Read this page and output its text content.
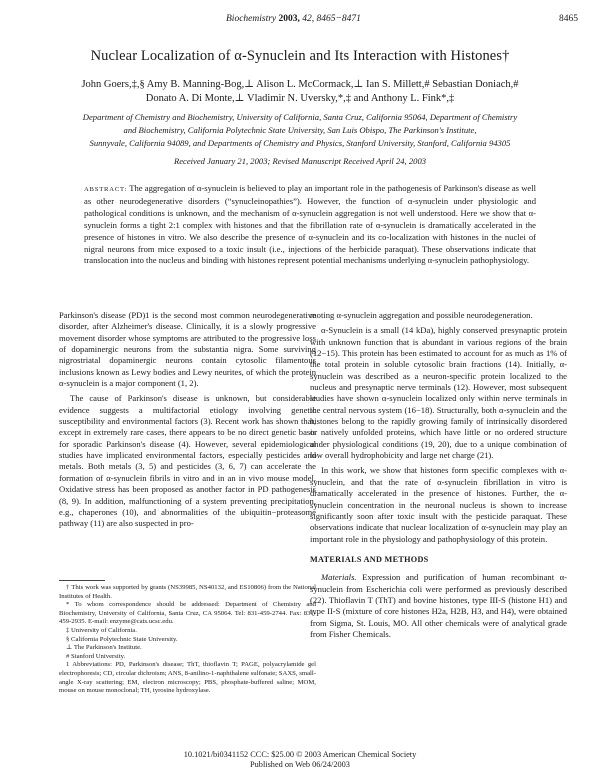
Biochemistry 2003, 42, 8465−8471	8465
Nuclear Localization of α-Synuclein and Its Interaction with Histones†
John Goers,‡,§ Amy B. Manning-Bog,⊥ Alison L. McCormack,⊥ Ian S. Millett,# Sebastian Doniach,#
Donato A. Di Monte,⊥ Vladimir N. Uversky,*,‡ and Anthony L. Fink*,‡
Department of Chemistry and Biochemistry, University of California, Santa Cruz, California 95064, Department of Chemistry
and Biochemistry, California Polytechnic State University, San Luis Obispo, The Parkinson's Institute,
Sunnyvale, California 94089, and Departments of Chemistry and Physics, Stanford University, Stanford, California 94305
Received January 21, 2003; Revised Manuscript Received April 24, 2003
ABSTRACT: The aggregation of α-synuclein is believed to play an important role in the pathogenesis of Parkinson's disease as well as other neurodegenerative disorders (“synucleinopathies”). However, the function of α-synuclein under physiologic and pathological conditions is unknown, and the mechanism of α-synuclein aggregation is not well understood. Here we show that α-synuclein forms a tight 2:1 complex with histones and that the fibrillation rate of α-synuclein is dramatically accelerated in the presence of histones in vitro. We also describe the presence of α-synuclein and its co-localization with histones in the nuclei of nigral neurons from mice exposed to a toxic insult (i.e., injections of the herbicide paraquat). These observations indicate that translocation into the nucleus and binding with histones represent potential mechanisms underlying α-synuclein pathophysiology.

Parkinson's disease (PD)1 is the second most common neurodegenerative disorder, after Alzheimer's disease. Clinically, it is a slowly progressive movement disorder whose symptoms are attributed to the progressive loss of dopaminergic neurons from the substantia nigra. Some surviving nigrostriatal dopaminergic neurons contain cytosolic filamentous inclusions known as Lewy bodies and Lewy neurites, of which the protein α-synuclein is a major component (1, 2).

The cause of Parkinson's disease is unknown, but considerable evidence suggests a multifactorial etiology involving genetic susceptibility and environmental factors (3). Recent work has shown that, except in extremely rare cases, there appears to be no direct genetic basis for sporadic Parkinson's disease (4). However, several epidemiological studies have implicated environmental factors, especially pesticides and metals. Both metals (3, 5) and pesticides (3, 6, 7) can accelerate the formation of α-synuclein fibrils in vitro and in an in vivo mouse model. Oxidative stress has been proposed as another factor in PD pathogenesis (8, 9). In addition, malfunctioning of a system preventing precipitation, e.g., chaperones (10), and abnormalities of the ubiquitin−proteasome pathway (11) are also suspected in pro-

† This work was supported by grants (NS39985, NS40132, and ES10806) from the National Institutes of Health.
* To whom correspondence should be addressed: Department of Chemistry and Biochemistry, University of California, Santa Cruz, CA 95064. Tel: 831-459-2744. Fax: 831-459-2935. E-mail: enzyme@cats.ucsc.edu.
‡ University of California.
§ California Polytechnic State University.
⊥ The Parkinson's Institute.
# Stanford University.
1 Abbreviations: PD, Parkinson's disease; ThT, thioflavin T; PAGE, polyacrylamide gel electrophoresis; CD, circular dichroism; ANS, 8-anilino-1-naphthalene sulfonate; SAXS, small-angle X-ray scattering; EM, electron microscopy; PBS, phosphate-buffered saline; MOM, mouse on mouse monoclonal; TH, tyrosine hydroxylase.

moting α-synuclein aggregation and possible neurodegeneration.

α-Synuclein is a small (14 kDa), highly conserved presynaptic protein with unknown function that is abundant in various regions of the brain (12−15). This protein has been estimated to account for as much as 1% of the total protein in soluble cytosolic brain fractions (14). Initially, α-synuclein was described as a neuron-specific protein localized to the nucleus and presynaptic nerve terminals (12). However, most subsequent studies have shown α-synuclein localized only within nerve terminals in the central nervous system (16−18). Structurally, both α-synuclein and the histones belong to the rapidly growing family of intrinsically disordered or natively unfolded proteins, which have little or no ordered structure under physiological conditions (19, 20), due to a unique combination of low overall hydrophobicity and large net charge (21).

In this work, we show that histones form specific complexes with α-synuclein, and that the rate of α-synuclein fibrillation in vitro is dramatically accelerated in the presence of histones. Further, the α-synuclein concentration in the neuronal nucleus is shown to increase significantly soon after toxic insult with the pesticide paraquat. These observations indicate that nuclear localization of α-synuclein may play an important role in the physiology and pathophysiology of this protein.

MATERIALS AND METHODS

Materials. Expression and purification of human recombinant α-synuclein from Escherichia coli were performed as previously described (22). Thioflavin T (ThT) and bovine histones, type III-S (histone H1) and type II-S (mixture of core histones H2a, H2B, H3, and H4), were obtained from Sigma, St. Louis, MO. All other chemicals were of analytical grade from Fisher Chemicals.

10.1021/bi0341152 CCC: $25.00 © 2003 American Chemical Society
Published on Web 06/24/2003
